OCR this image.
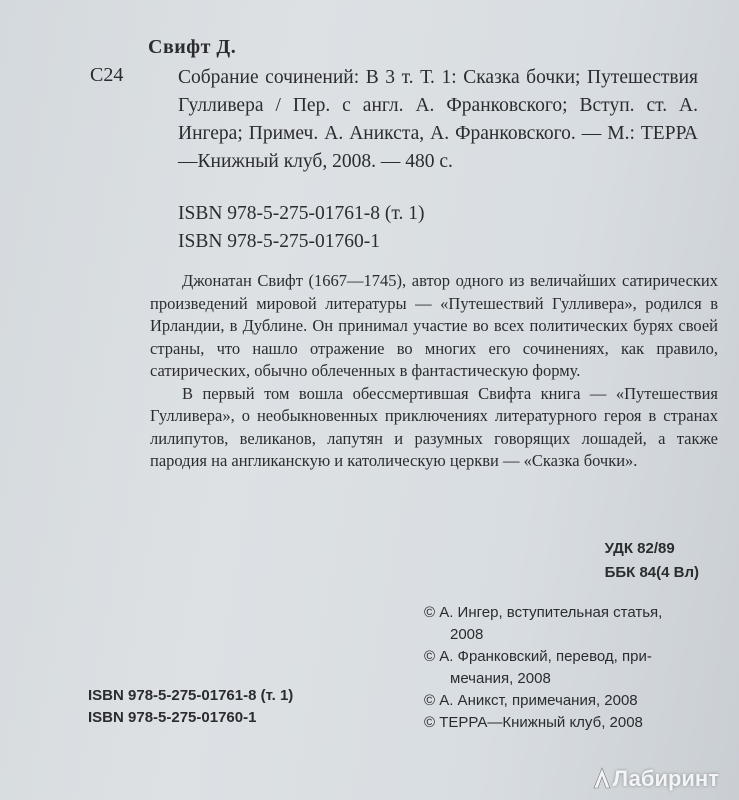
Свифт Д.
С24	Собрание сочинений: В 3 т. Т. 1: Сказка бочки; Путешествия Гулливера / Пер. с англ. А. Франковского; Вступ. ст. А. Ингера; Примеч. А. Аникста, А. Франковского. — М.: ТЕРРА—Книжный клуб, 2008. — 480 с.
ISBN 978-5-275-01761-8 (т. 1)
ISBN 978-5-275-01760-1

Джонатан Свифт (1667—1745), автор одного из величайших сатирических произведений мировой литературы — «Путешествий Гулливера», родился в Ирландии, в Дублине. Он принимал участие во всех политических бурях своей страны, что нашло отражение во многих его сочинениях, как правило, сатирических, обычно облеченных в фантастическую форму.

В первый том вошла обессмертившая Свифта книга — «Путешествия Гулливера», о необыкновенных приключениях литературного героя в странах лилипутов, великанов, лапутян и разумных говорящих лошадей, а также пародия на англиканскую и католическую церкви — «Сказка бочки».

УДК 82/89
ББК 84(4 Вл)
© А. Ингер, вступительная статья,
2008
© А. Франковский, перевод, при-
мечания, 2008
© А. Аникст, примечания, 2008
© ТЕРРА—Книжный клуб, 2008
ISBN 978-5-275-01761-8 (т. 1)
ISBN 978-5-275-01760-1
Лабиринт
